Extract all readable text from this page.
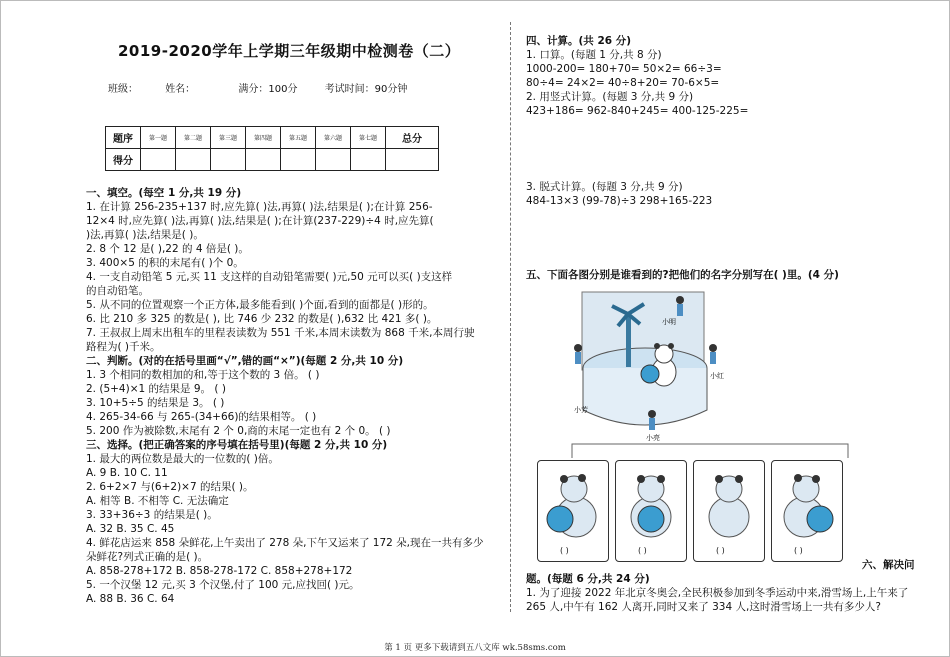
2019-2020学年上学期三年级期中检测卷（二）
班级：	姓名：	满分：100分	考试时间：90分钟
题序	第一题	第二题	第三题	第四题	第五题	第六题	第七题	总分
得分								
一、填空。(每空 1 分,共 19 分)
1. 在计算 256-235+137 时,应先算( )法,再算( )法,结果是( );在计算 256-
12×4 时,应先算( )法,再算( )法,结果是( );在计算(237-229)÷4 时,应先算(
)法,再算( )法,结果是( )。
2. 8 个 12 是( ),22 的 4 倍是( )。
3. 400×5 的积的末尾有( )个 0。
4. 一支自动铅笔 5 元,买 11 支这样的自动铅笔需要( )元,50 元可以买( )支这样
的自动铅笔。
5. 从不同的位置观察一个正方体,最多能看到( )个面,看到的面都是( )形的。
6. 比 210 多 325 的数是( ), 比 746 少 232 的数是( ),632 比 421 多( )。
7. 王叔叔上周末出租车的里程表读数为 551 千米,本周末读数为 868 千米,本周行驶
路程为( )千米。
二、判断。(对的在括号里画“√”,错的画“×”)(每题 2 分,共 10 分)
1. 3 个相同的数相加的和,等于这个数的 3 倍。 ( )
2. (5+4)×1 的结果是 9。 ( )
3. 10+5÷5 的结果是 3。 ( )
4. 265-34-66 与 265-(34+66)的结果相等。 ( )
5. 200 作为被除数,末尾有 2 个 0,商的末尾一定也有 2 个 0。 ( )
三、选择。(把正确答案的序号填在括号里)(每题 2 分,共 10 分)
1. 最大的两位数是最大的一位数的( )倍。
A. 9 B. 10 C. 11
2. 6+2×7 与(6+2)×7 的结果( )。
A. 相等 B. 不相等 C. 无法确定
3. 33+36÷3 的结果是( )。
A. 32 B. 35 C. 45
4. 鲜花店运来 858 朵鲜花,上午卖出了 278 朵,下午又运来了 172 朵,现在一共有多少
朵鲜花?列式正确的是( )。
A. 858-278+172 B. 858-278-172 C. 858+278+172
5. 一个汉堡 12 元,买 3 个汉堡,付了 100 元,应找回( )元。
A. 88 B. 36 C. 64
四、计算。(共 26 分)
1. 口算。(每题 1 分,共 8 分)
1000-200= 180+70= 50×2= 66÷3=
80÷4= 24×2= 40÷8+20= 70-6×5=
2. 用竖式计算。(每题 3 分,共 9 分)
423+186= 962-840+245= 400-125-225=
3. 脱式计算。(每题 3 分,共 9 分)
484-13×3 (99-78)÷3 298+165-223
五、下面各图分别是谁看到的?把他们的名字分别写在( )里。(4 分)
题。(每题 6 分,共 24 分)
1. 为了迎接 2022 年北京冬奥会,全民积极参加到冬季运动中来,滑雪场上,上午来了
265 人,中午有 162 人离开,同时又来了 334 人,这时滑雪场上一共有多少人?
六、解决问
小明
小红
小芳
小亮
( )	( )	( )	( )
第 1 页 更多下载请到五八文库 wk.58sms.com
